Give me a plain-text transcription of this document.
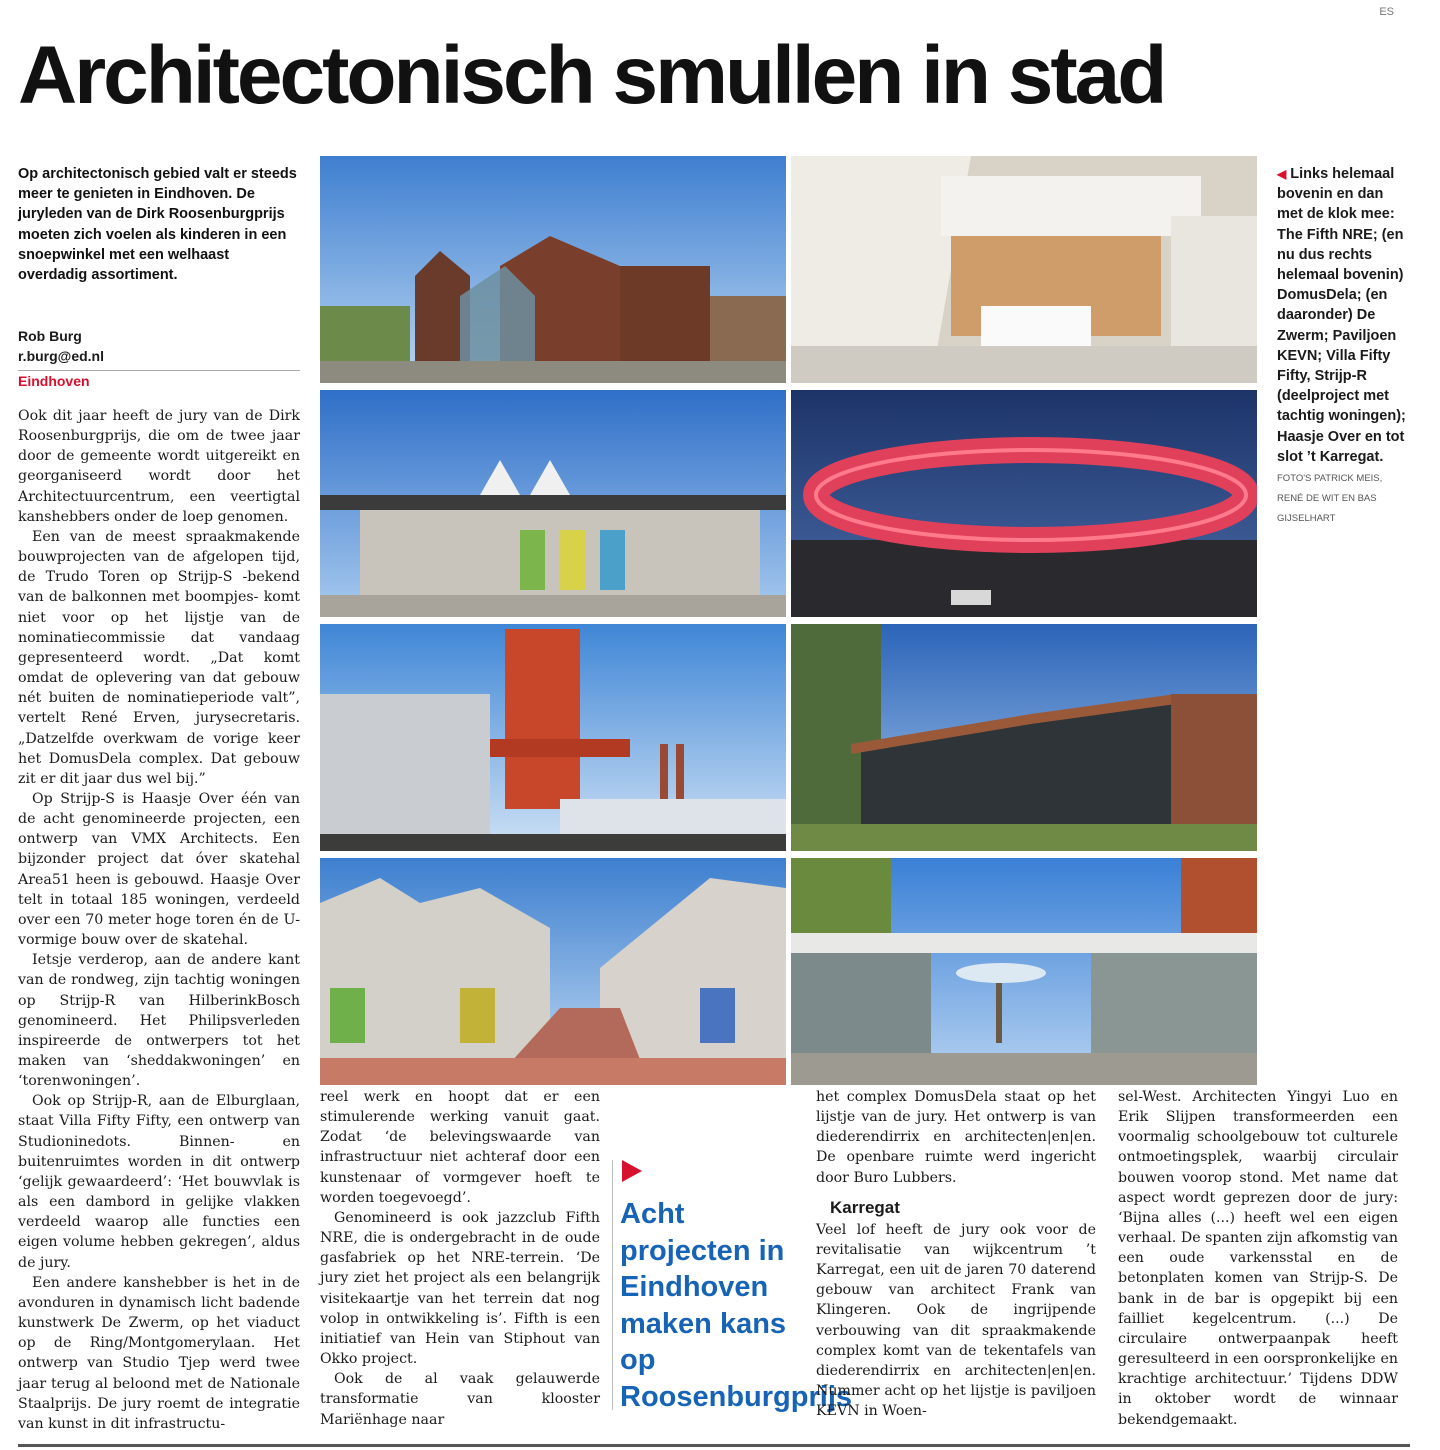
ES
Architectonisch smullen in stad

Op architectonisch gebied valt er steeds meer te genieten in Eindhoven. De juryleden van de Dirk Roosenburgprijs moeten zich voelen als kinderen in een snoepwinkel met een welhaast overdadig assortiment.

Rob Burg
r.burg@ed.nl
Eindhoven
◀ Links helemaal bovenin en dan met de klok mee: The Fifth NRE; (en nu dus rechts helemaal bovenin) DomusDela; (en daaronder) De Zwerm; Paviljoen KEVN; Villa Fifty Fifty, Strijp-R (deelproject met tachtig woningen); Haasje Over en tot slot ’t Karregat.
FOTO'S PATRICK MEIS, RENÉ DE WIT EN BAS GIJSELHART

Ook dit jaar heeft de jury van de Dirk Roosenburgprijs, die om de twee jaar door de gemeente wordt uitgereikt en georganiseerd wordt door het Architectuurcentrum, een veertigtal kanshebbers onder de loep genomen.

Een van de meest spraakmakende bouwprojecten van de afgelopen tijd, de Trudo Toren op Strijp-S -bekend van de balkonnen met boompjes- komt niet voor op het lijstje van de nominatiecommissie dat vandaag gepresenteerd wordt. „Dat komt omdat de oplevering van dat gebouw nét buiten de nominatieperiode valt”, vertelt René Erven, jurysecretaris. „Datzelfde overkwam de vorige keer het DomusDela complex. Dat gebouw zit er dit jaar dus wel bij.”

Op Strijp-S is Haasje Over één van de acht genomineerde projecten, een ontwerp van VMX Architects. Een bijzonder project dat óver skatehal Area51 heen is gebouwd. Haasje Over telt in totaal 185 woningen, verdeeld over een 70 meter hoge toren én de U-vormige bouw over de skatehal.

Ietsje verderop, aan de andere kant van de rondweg, zijn tachtig woningen op Strijp-R van HilberinkBosch genomineerd. Het Philipsverleden inspireerde de ontwerpers tot het maken van ‘sheddakwoningen’ en ‘torenwoningen’.

Ook op Strijp-R, aan de Elburglaan, staat Villa Fifty Fifty, een ontwerp van Studioninedots. Binnen- en buitenruimtes worden in dit ontwerp ‘gelijk gewaardeerd’: ‘Het bouwvlak is als een dambord in gelijke vlakken verdeeld waarop alle functies een eigen volume hebben gekregen’, aldus de jury.

Een andere kanshebber is het in de avonduren in dynamisch licht badende kunstwerk De Zwerm, op het viaduct op de Ring/Montgomerylaan. Het ontwerp van Studio Tjep werd twee jaar terug al beloond met de Nationale Staalprijs. De jury roemt de integratie van kunst in dit infrastructu-

reel werk en hoopt dat er een stimulerende werking vanuit gaat. Zodat ‘de belevingswaarde van infrastructuur niet achteraf door een kunstenaar of vormgever hoeft te worden toegevoegd’.

Genomineerd is ook jazzclub Fifth NRE, die is ondergebracht in de oude gasfabriek op het NRE-terrein. ‘De jury ziet het project als een belangrijk visitekaartje van het terrein dat nog volop in ontwikkeling is’. Fifth is een initiatief van Hein van Stiphout van Okko project.

Ook de al vaak gelauwerde transformatie van klooster Mariënhage naar

Acht projecten in Eindhoven maken kans op Roosenburgprijs

het complex DomusDela staat op het lijstje van de jury. Het ontwerp is van diederendirrix en architecten|en|en. De openbare ruimte werd ingericht door Buro Lubbers.

Karregat

Veel lof heeft de jury ook voor de revitalisatie van wijkcentrum ’t Karregat, een uit de jaren 70 daterend gebouw van architect Frank van Klingeren. Ook de ingrijpende verbouwing van dit spraakmakende complex komt van de tekentafels van diederendirrix en architecten|en|en. Nummer acht op het lijstje is paviljoen KEVN in Woen-

sel-West. Architecten Yingyi Luo en Erik Slijpen transformeerden een voormalig schoolgebouw tot culturele ontmoetingsplek, waarbij circulair bouwen voorop stond. Met name dat aspect wordt geprezen door de jury: ‘Bijna alles (...) heeft wel een eigen verhaal. De spanten zijn afkomstig van een oude varkensstal en de betonplaten komen van Strijp-S. De bank in de bar is opgepikt bij een failliet kegelcentrum. (...) De circulaire ontwerpaanpak heeft geresulteerd in een oorspronkelijke en krachtige architectuur.’ Tijdens DDW in oktober wordt de winnaar bekendgemaakt.
